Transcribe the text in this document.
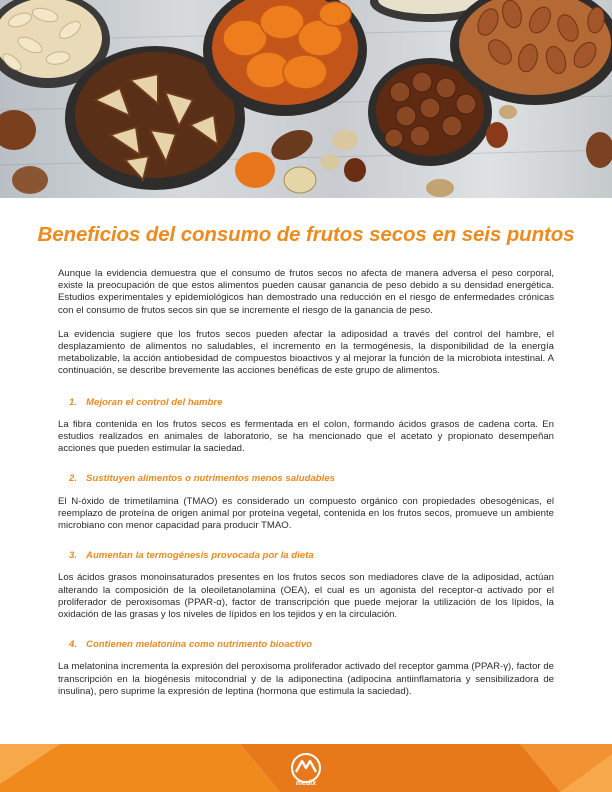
Beneficios del consumo de frutos secos en seis puntos

Aunque la evidencia demuestra que el consumo de frutos secos no afecta de manera adversa el peso corporal, existe la preocupación de que estos alimentos pueden causar ganancia de peso debido a su densidad energética. Estudios experimentales y epidemiológicos han demostrado una reducción en el riesgo de enfermedades crónicas con el consumo de frutos secos sin que se incremente el riesgo de la ganancia de peso.

La evidencia sugiere que los frutos secos pueden afectar la adiposidad a través del control del hambre, el desplazamiento de alimentos no saludables, el incremento en la termogénesis, la disponibilidad de la energía metabolizable, la acción antiobesidad de compuestos bioactivos y al mejorar la función de la microbiota intestinal. A continuación, se describe brevemente las acciones benéficas de este grupo de alimentos.

1. Mejoran el control del hambre

La fibra contenida en los frutos secos es fermentada en el colon, formando ácidos grasos de cadena corta. En estudios realizados en animales de laboratorio, se ha mencionado que el acetato y propionato desempeñan acciones que pueden estimular la saciedad.

2. Sustituyen alimentos o nutrimentos menos saludables

El N-óxido de trimetilamina (TMAO) es considerado un compuesto orgánico con propiedades obesogénicas, el reemplazo de proteína de origen animal por proteína vegetal, contenida en los frutos secos, promueve un ambiente microbiano con menor capacidad para producir TMAO.

3. Aumentan la termogénesis provocada por la dieta

Los ácidos grasos monoinsaturados presentes en los frutos secos son mediadores clave de la adiposidad, actúan alterando la composición de la oleoiletanolamina (OEA), el cual es un agonista del receptor-α activado por el proliferador de peroxisomas (PPAR-α), factor de transcripción que puede mejorar la utilización de los lípidos, la oxidación de las grasas y los niveles de lípidos en los tejidos y en la circulación.

4. Contienen melatonina como nutrimento bioactivo

La melatonina incrementa la expresión del peroxisoma proliferador activado del receptor gamma (PPAR-γ), factor de transcripción en la biogénesis mitocondrial y de la adiponectina (adipocina antiinflamatoria y sensibilizadora de insulina), pero suprime la expresión de leptina (hormona que estimula la saciedad).

medix
